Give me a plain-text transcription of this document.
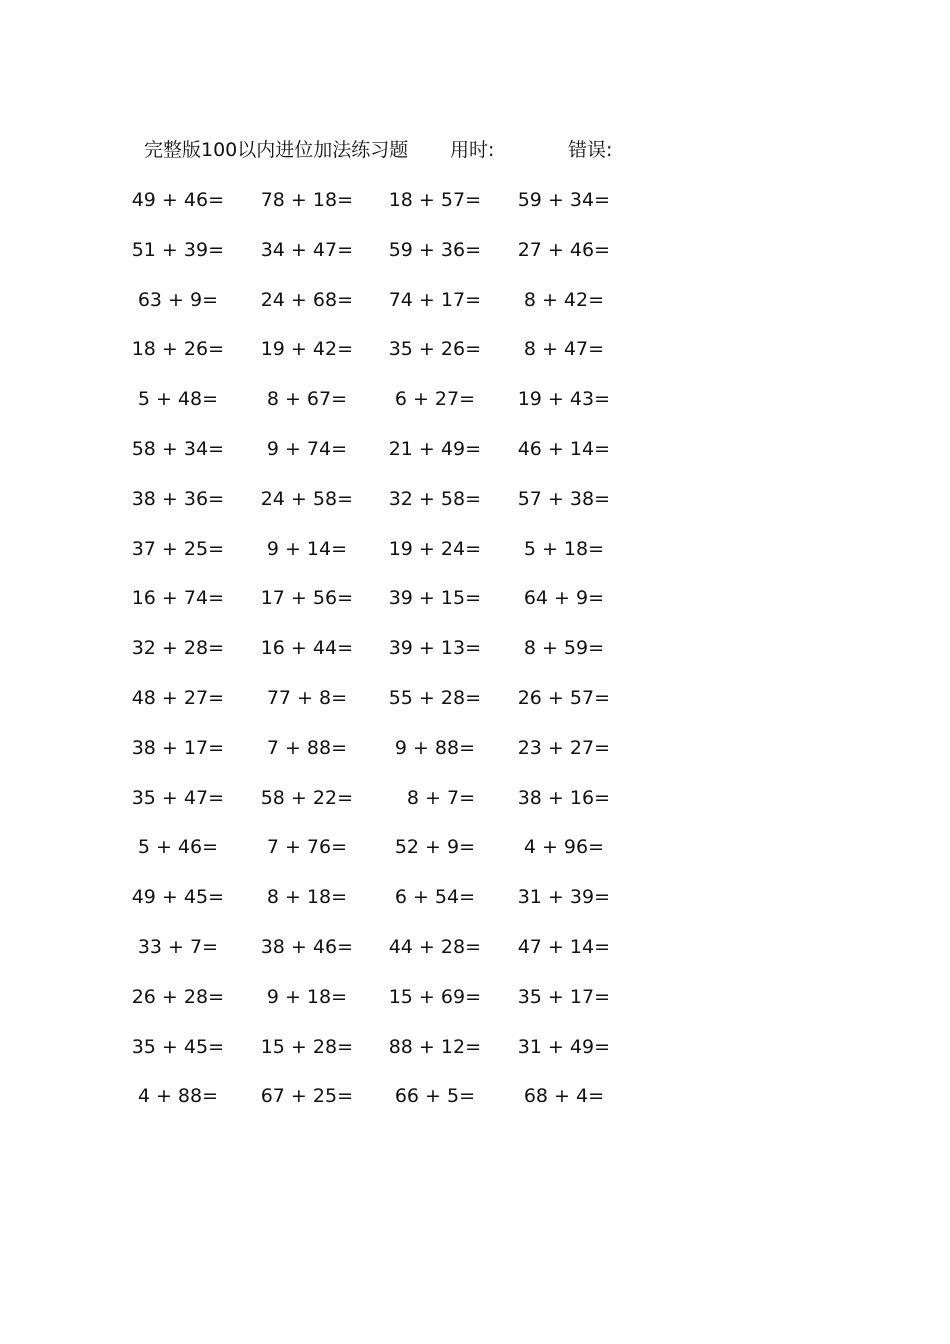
完整版100以内进位加法练习题 用时:	错误:
49 + 46= 78 + 18= 18 + 57= 59 + 34=
51 + 39= 34 + 47= 59 + 36= 27 + 46=
63 + 9= 24 + 68= 74 + 17= 8 + 42=
18 + 26= 19 + 42= 35 + 26= 8 + 47=
5 + 48=	8 + 67=	6 + 27= 19 + 43=
58 + 34= 9 + 74= 21 + 49= 46 + 14=
38 + 36= 24 + 58= 32 + 58= 57 + 38=
37 + 25= 9 + 14= 19 + 24= 5 + 18=
16 + 74= 17 + 56= 39 + 15= 64 + 9=
32 + 28= 16 + 44= 39 + 13= 8 + 59=
48 + 27= 77 + 8= 55 + 28= 26 + 57=
38 + 17= 7 + 88=	9 + 88= 23 + 27=
35 + 47= 58 + 22=	8 + 7= 38 + 16=
5 + 46=	7 + 76=	52 + 9=	4 + 96=
49 + 45= 8 + 18=	6 + 54= 31 + 39=
33 + 7= 38 + 46= 44 + 28= 47 + 14=
26 + 28= 9 + 18= 15 + 69= 35 + 17=
35 + 45= 15 + 28= 88 + 12= 31 + 49=
4 + 88= 67 + 25= 66 + 5=	68 + 4=
